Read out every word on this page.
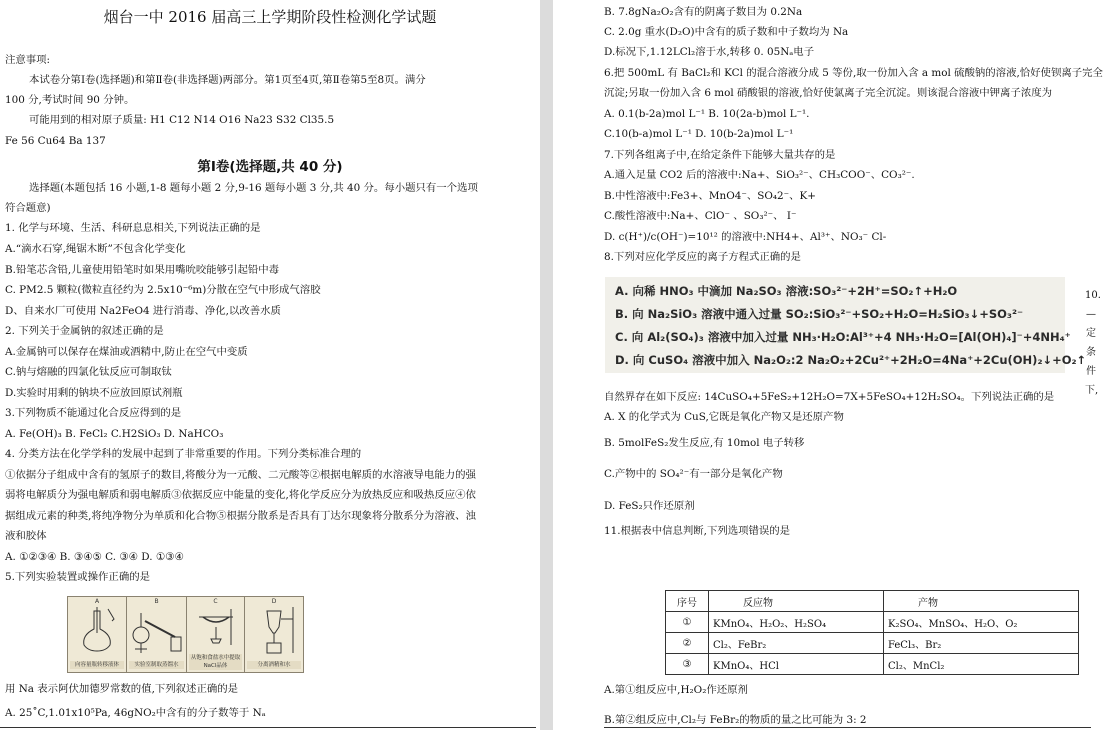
烟台一中 2016 届高三上学期阶段性检测化学试题
注意事项:
本试卷分第Ⅰ卷(选择题)和第Ⅱ卷(非选择题)两部分。第1页至4页,第Ⅱ卷第5至8页。满分
100 分,考试时间 90 分钟。
可能用到的相对原子质量: H1 C12 N14 O16 Na23 S32 Cl35.5
Fe 56 Cu64 Ba 137
第Ⅰ卷(选择题,共 40 分)
选择题(本题包括 16 小题,1-8 题每小题 2 分,9-16 题每小题 3 分,共 40 分。每小题只有一个选项
符合题意)
1. 化学与环境、生活、科研息息相关,下列说法正确的是
A.“滴水石穿,绳锯木断”不包含化学变化
B.铅笔芯含铅,儿童使用铅笔时如果用嘴吮咬能够引起铅中毒
C. PM2.5 颗粒(微粒直径约为 2.5x10⁻⁶m)分散在空气中形成气溶胶
D、自来水厂可使用 Na2FeO4 进行消毒、净化,以改善水质
2. 下列关于金属钠的叙述正确的是
A.金属钠可以保存在煤油或酒精中,防止在空气中变质
C.钠与熔融的四氯化钛反应可制取钛
D.实验时用剩的钠块不应放回原试剂瓶
3.下列物质不能通过化合反应得到的是
A. Fe(OH)₃ B. FeCl₂ C.H2SiO₃ D. NaHCO₃
4. 分类方法在化学学科的发展中起到了非常重要的作用。下列分类标准合理的
①依据分子组成中含有的氢原子的数目,将酸分为一元酸、二元酸等②根据电解质的水溶液导电能力的强
弱将电解质分为强电解质和弱电解质③依据反应中能量的变化,将化学反应分为放热反应和吸热反应④依
据组成元素的种类,将纯净物分为单质和化合物⑤根据分散系是否具有丁达尔现象将分散系分为溶液、浊
液和胶体
A. ①②③④ B. ③④⑤ C. ③④ D. ①③④
5.下列实验装置或操作正确的是
A
向容量瓶转移液体
B
实验室制取蒸馏水
C
从饱和食盐水中提取NaCl晶体
D
分离酒精和水
用 Na 表示阿伏加德罗常数的值,下列叙述正确的是
A. 25˚C,1.01x10⁵Pa, 46gNO₂中含有的分子数等于 Nₐ
B. 7.8gNa₂O₂含有的阴离子数目为 0.2Na
C. 2.0g 重水(D₂O)中含有的质子数和中子数均为 Na
D.标况下,1.12LCl₂溶于水,转移 0. 05Nₐ电子
6.把 500mL 有 BaCl₂和 KCl 的混合溶液分成 5 等份,取一份加入含 a mol 硫酸钠的溶液,恰好使钡离子完全
沉淀;另取一份加入含 6 mol 硝酸银的溶液,恰好使氯离子完全沉淀。则该混合溶液中钾离子浓度为
A. 0.1(b-2a)mol L⁻¹ B. 10(2a-b)mol L⁻¹.
C.10(b-a)mol L⁻¹ D. 10(b-2a)mol L⁻¹
7.下列各组离子中,在给定条件下能够大量共存的是
A.通入足量 CO2 后的溶液中:Na+、SiO₃²⁻、CH₃COO⁻、CO₃²⁻.
B.中性溶液中:Fe3+、MnO4⁻、SO₄2⁻、K+
C.酸性溶液中:Na+、ClO⁻ 、SO₃²⁻、 I⁻
D. c(H⁺)/c(OH⁻)=10¹² 的溶液中:NH4+、Al³⁺、NO₃⁻ Cl-
8.下列对应化学反应的离子方程式正确的是
A. 向稀 HNO₃ 中滴加 Na₂SO₃ 溶液:SO₃²⁻+2H⁺=SO₂↑+H₂O
B. 向 Na₂SiO₃ 溶液中通入过量 SO₂:SiO₃²⁻+SO₂+H₂O=H₂SiO₃↓+SO₃²⁻
C. 向 Al₂(SO₄)₃ 溶液中加入过量 NH₃·H₂O:Al³⁺+4 NH₃·H₂O=[Al(OH)₄]⁻+4NH₄⁺
D. 向 CuSO₄ 溶液中加入 Na₂O₂:2 Na₂O₂+2Cu²⁺+2H₂O=4Na⁺+2Cu(OH)₂↓+O₂↑
10.
—
定
条
件
下,
自然界存在如下反应: 14CuSO₄+5FeS₂+12H₂O=7X+5FeSO₄+12H₂SO₄。下列说法正确的是
A. X 的化学式为 CuS,它既是氧化产物又是还原产物
B. 5molFeS₂发生反应,有 10mol 电子转移
C.产物中的 SO₄²⁻有一部分是氧化产物
D. FeS₂只作还原剂
11.根据表中信息判断,下列选项错误的是
序号	反应物	产物
①	KMnO₄、H₂O₂、H₂SO₄	K₂SO₄、MnSO₄、H₂O、O₂
②	Cl₂、FeBr₂	FeCl₃、Br₂
③	KMnO₄、HCl	Cl₂、MnCl₂
A.第①组反应中,H₂O₂作还原剂
B.第②组反应中,Cl₂与 FeBr₂的物质的量之比可能为 3: 2
